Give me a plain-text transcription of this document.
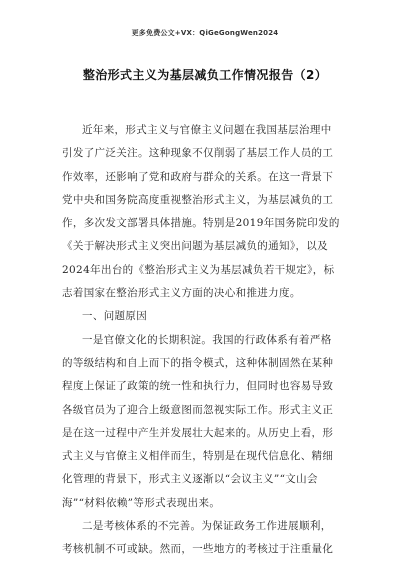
更多免费公文+VX：QiGeGongWen2024
整治形式主义为基层减负工作情况报告（2）
近年来，形式主义与官僚主义问题在我国基层治理中
引发了广泛关注。这种现象不仅削弱了基层工作人员的工
作效率，还影响了党和政府与群众的关系。在这一背景下
党中央和国务院高度重视整治形式主义，为基层减负的工
作，多次发文部署具体措施。特别是2019年国务院印发的
《关于解决形式主义突出问题为基层减负的通知》，以及
2024年出台的《整治形式主义为基层减负若干规定》，标
志着国家在整治形式主义方面的决心和推进力度。
一、问题原因
一是官僚文化的长期积淀。我国的行政体系有着严格
的等级结构和自上而下的指令模式，这种体制固然在某种
程度上保证了政策的统一性和执行力，但同时也容易导致
各级官员为了迎合上级意图而忽视实际工作。形式主义正
是在这一过程中产生并发展壮大起来的。从历史上看，形
式主义与官僚主义相伴而生，特别是在现代信息化、精细
化管理的背景下，形式主义逐渐以“会议主义”“文山会
海”“材料依赖”等形式表现出来。
二是考核体系的不完善。为保证政务工作进展顺利，
考核机制不可或缺。然而，一些地方的考核过于注重量化
